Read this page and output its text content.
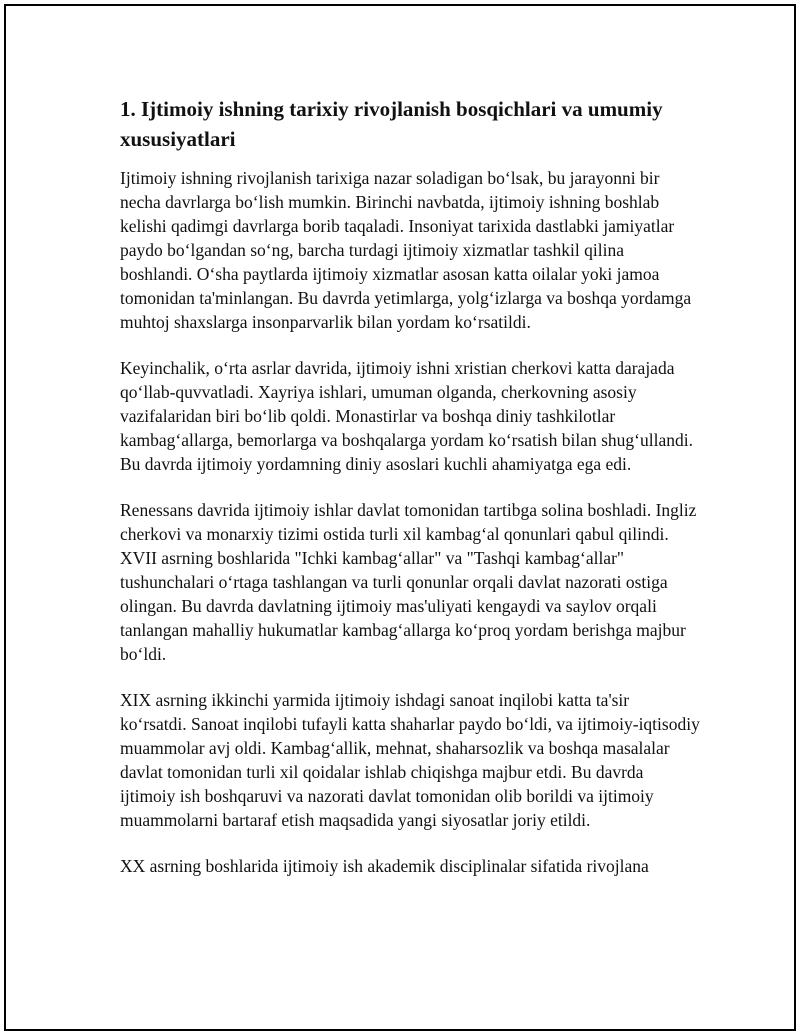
1. Ijtimoiy ishning tarixiy rivojlanish bosqichlari va umumiy xususiyatlari

Ijtimoiy ishning rivojlanish tarixiga nazar soladigan bo‘lsak, bu jarayonni bir necha davrlarga bo‘lish mumkin. Birinchi navbatda, ijtimoiy ishning boshlab kelishi qadimgi davrlarga borib taqaladi. Insoniyat tarixida dastlabki jamiyatlar paydo bo‘lgandan so‘ng, barcha turdagi ijtimoiy xizmatlar tashkil qilina boshlandi. O‘sha paytlarda ijtimoiy xizmatlar asosan katta oilalar yoki jamoa tomonidan ta'minlangan. Bu davrda yetimlarga, yolg‘izlarga va boshqa yordamga muhtoj shaxslarga insonparvarlik bilan yordam ko‘rsatildi.

Keyinchalik, o‘rta asrlar davrida, ijtimoiy ishni xristian cherkovi katta darajada qo‘llab-quvvatladi. Xayriya ishlari, umuman olganda, cherkovning asosiy vazifalaridan biri bo‘lib qoldi. Monastirlar va boshqa diniy tashkilotlar kambag‘allarga, bemorlarga va boshqalarga yordam ko‘rsatish bilan shug‘ullandi. Bu davrda ijtimoiy yordamning diniy asoslari kuchli ahamiyatga ega edi.

Renessans davrida ijtimoiy ishlar davlat tomonidan tartibga solina boshladi. Ingliz cherkovi va monarxiy tizimi ostida turli xil kambag‘al qonunlari qabul qilindi. XVII asrning boshlarida "Ichki kambag‘allar" va "Tashqi kambag‘allar" tushunchalari o‘rtaga tashlangan va turli qonunlar orqali davlat nazorati ostiga olingan. Bu davrda davlatning ijtimoiy mas'uliyati kengaydi va saylov orqali tanlangan mahalliy hukumatlar kambag‘allarga ko‘proq yordam berishga majbur bo‘ldi.

XIX asrning ikkinchi yarmida ijtimoiy ishdagi sanoat inqilobi katta ta'sir ko‘rsatdi. Sanoat inqilobi tufayli katta shaharlar paydo bo‘ldi, va ijtimoiy-iqtisodiy muammolar avj oldi. Kambag‘allik, mehnat, shaharsozlik va boshqa masalalar davlat tomonidan turli xil qoidalar ishlab chiqishga majbur etdi. Bu davrda ijtimoiy ish boshqaruvi va nazorati davlat tomonidan olib borildi va ijtimoiy muammolarni bartaraf etish maqsadida yangi siyosatlar joriy etildi.

XX asrning boshlarida ijtimoiy ish akademik disciplinalar sifatida rivojlana
